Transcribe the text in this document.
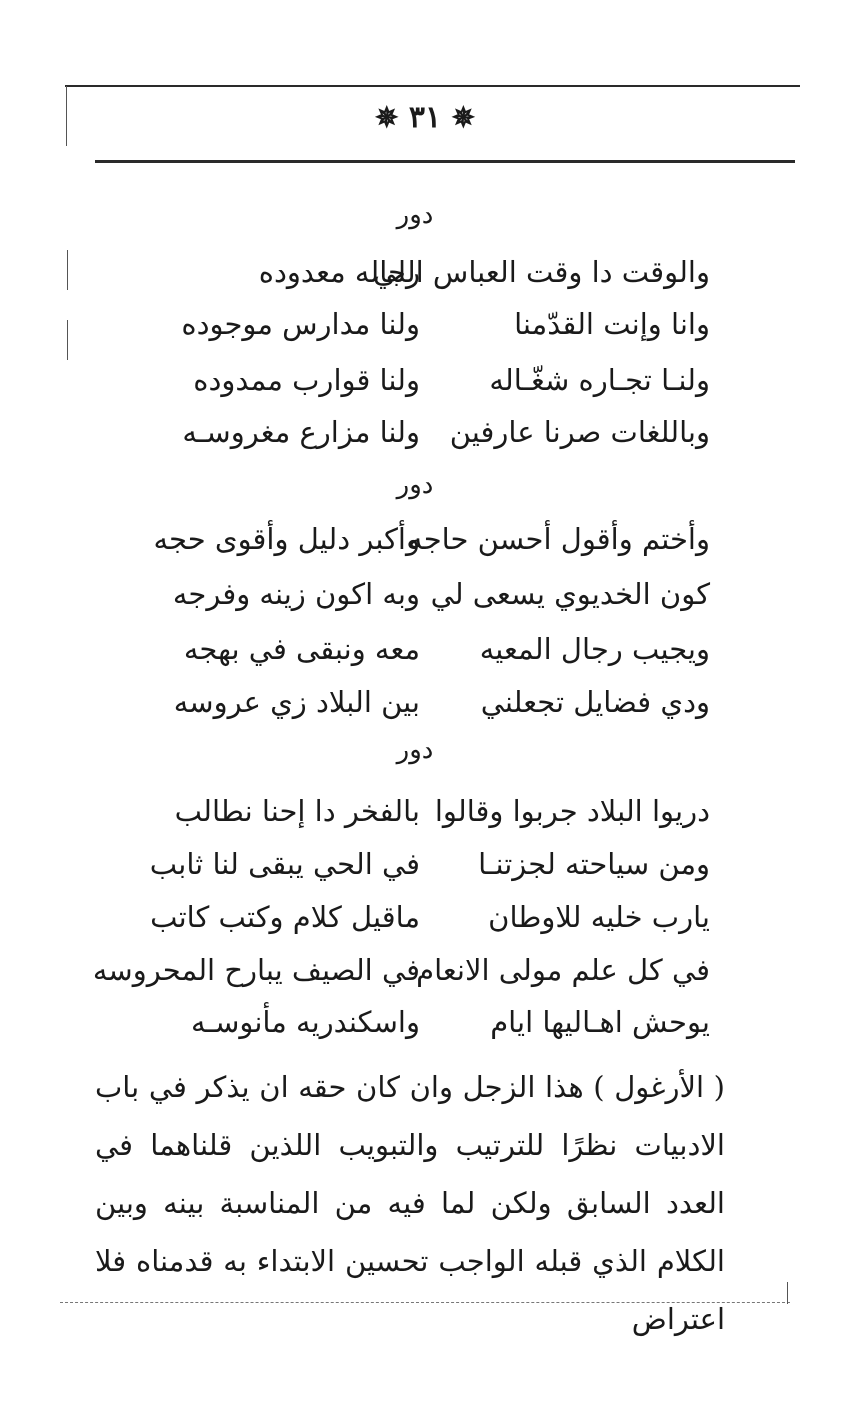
✵ ٣١ ✵
دور
والوقت دا وقت العباس اللي
رجاله معدوده
وانا وإنت القدّمنا
ولنا مدارس موجوده
ولنـا تجـاره شغّـاله
ولنا قوارب ممدوده
وباللغات صرنا عارفين
ولنا مزارع مغروسـه
دور
وأختم وأقول أحسن حاجه
وأكبر دليل وأقوى حجه
كون الخديوي يسعى لي
وبه اكون زينه وفرجه
ويجيب رجال المعيه
معه ونبقى في بهجه
ودي فضايل تجعلني
بين البلاد زي عروسه
دور
دريوا البلاد جربوا وقالوا
بالفخر دا إحنا نطالب
ومن سياحته لجزتنـا
في الحي يبقى لنا ثابب
يارب خليه للاوطان
ماقيل كلام وكتب كاتب
في كل علم مولى الانعام
في الصيف يبارح المحروسه
يوحش اهـاليها ايام
واسكندريه مأنوسـه
( الأرغول ) هذا الزجل وان كان حقه ان يذكر في باب الادبيات نظرًا للترتيب والتبويب اللذين قلناهما في العدد السابق ولكن لما فيه من المناسبة بينه وبين الكلام الذي قبله الواجب تحسين الابتداء به قدمناه فلا اعتراض
